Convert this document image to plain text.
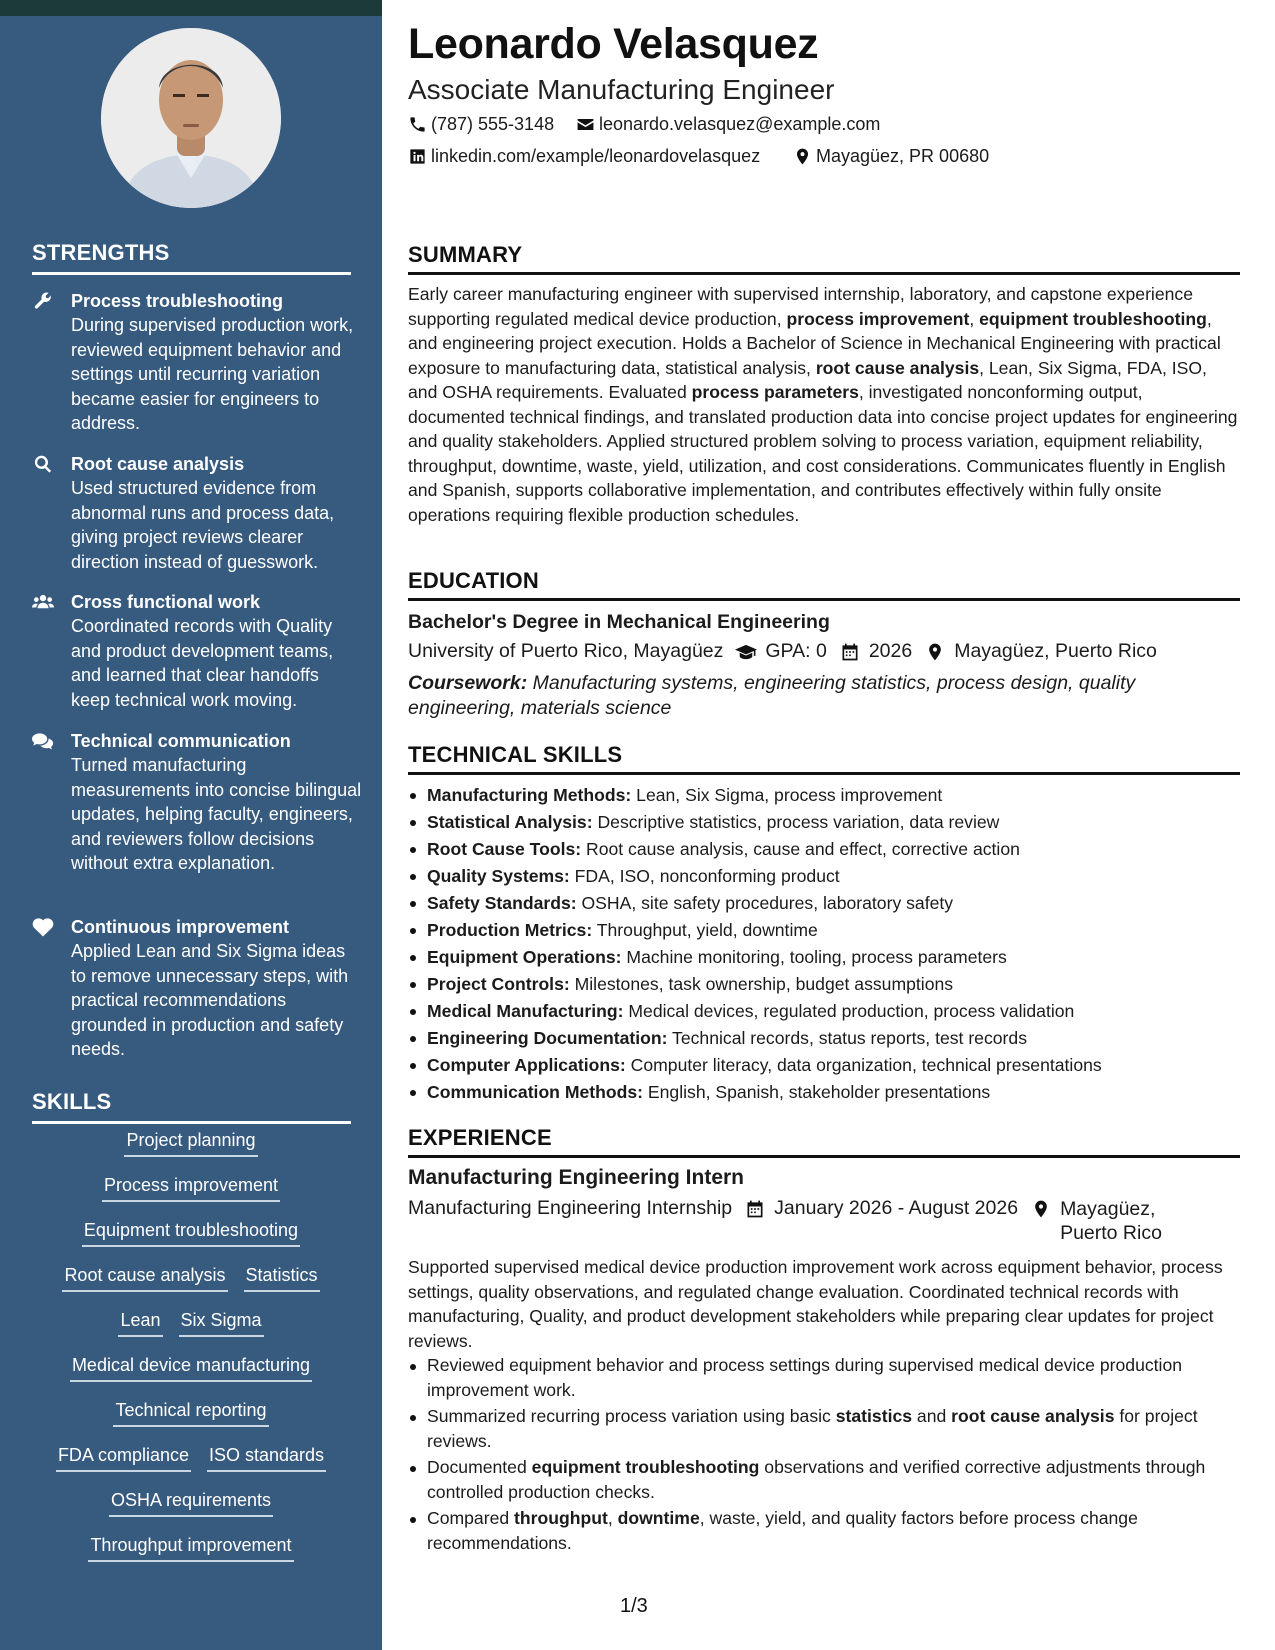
STRENGTHS
Process troubleshooting
During supervised production work, reviewed equipment behavior and settings until recurring variation became easier for engineers to address.
Root cause analysis
Used structured evidence from abnormal runs and process data, giving project reviews clearer direction instead of guesswork.
Cross functional work
Coordinated records with Quality and product development teams, and learned that clear handoffs keep technical work moving.
Technical communication
Turned manufacturing measurements into concise bilingual updates, helping faculty, engineers, and reviewers follow decisions without extra explanation.
Continuous improvement
Applied Lean and Six Sigma ideas to remove unnecessary steps, with practical recommendations grounded in production and safety needs.
SKILLS
Project planning
Process improvement
Equipment troubleshooting
Root cause analysis Statistics
Lean Six Sigma
Medical device manufacturing
Technical reporting
FDA compliance ISO standards
OSHA requirements
Throughput improvement
Leonardo Velasquez
Associate Manufacturing Engineer
(787) 555-3148 leonardo.velasquez@example.com
linkedin.com/example/leonardovelasquez	Mayagüez, PR 00680
SUMMARY
Early career manufacturing engineer with supervised internship, laboratory, and capstone experience supporting regulated medical device production, process improvement, equipment troubleshooting, and engineering project execution. Holds a Bachelor of Science in Mechanical Engineering with practical exposure to manufacturing data, statistical analysis, root cause analysis, Lean, Six Sigma, FDA, ISO, and OSHA requirements. Evaluated process parameters, investigated nonconforming output, documented technical findings, and translated production data into concise project updates for engineering and quality stakeholders. Applied structured problem solving to process variation, equipment reliability, throughput, downtime, waste, yield, utilization, and cost considerations. Communicates fluently in English and Spanish, supports collaborative implementation, and contributes effectively within fully onsite operations requiring flexible production schedules.
EDUCATION
Bachelor's Degree in Mechanical Engineering
University of Puerto Rico, Mayagüez GPA: 0 2026 Mayagüez, Puerto Rico
Coursework: Manufacturing systems, engineering statistics, process design, quality engineering, materials science
TECHNICAL SKILLS
Manufacturing Methods: Lean, Six Sigma, process improvement
Statistical Analysis: Descriptive statistics, process variation, data review
Root Cause Tools: Root cause analysis, cause and effect, corrective action
Quality Systems: FDA, ISO, nonconforming product
Safety Standards: OSHA, site safety procedures, laboratory safety
Production Metrics: Throughput, yield, downtime
Equipment Operations: Machine monitoring, tooling, process parameters
Project Controls: Milestones, task ownership, budget assumptions
Medical Manufacturing: Medical devices, regulated production, process validation
Engineering Documentation: Technical records, status reports, test records
Computer Applications: Computer literacy, data organization, technical presentations
Communication Methods: English, Spanish, stakeholder presentations
EXPERIENCE
Manufacturing Engineering Intern
Manufacturing Engineering Internship January 2026 - August 2026 Mayagüez,
Puerto Rico
Supported supervised medical device production improvement work across equipment behavior, process settings, quality observations, and regulated change evaluation. Coordinated technical records with manufacturing, Quality, and product development stakeholders while preparing clear updates for project reviews.
Reviewed equipment behavior and process settings during supervised medical device production improvement work.
Summarized recurring process variation using basic statistics and root cause analysis for project reviews.
Documented equipment troubleshooting observations and verified corrective adjustments through controlled production checks.
Compared throughput, downtime, waste, yield, and quality factors before process change recommendations.
1/3
